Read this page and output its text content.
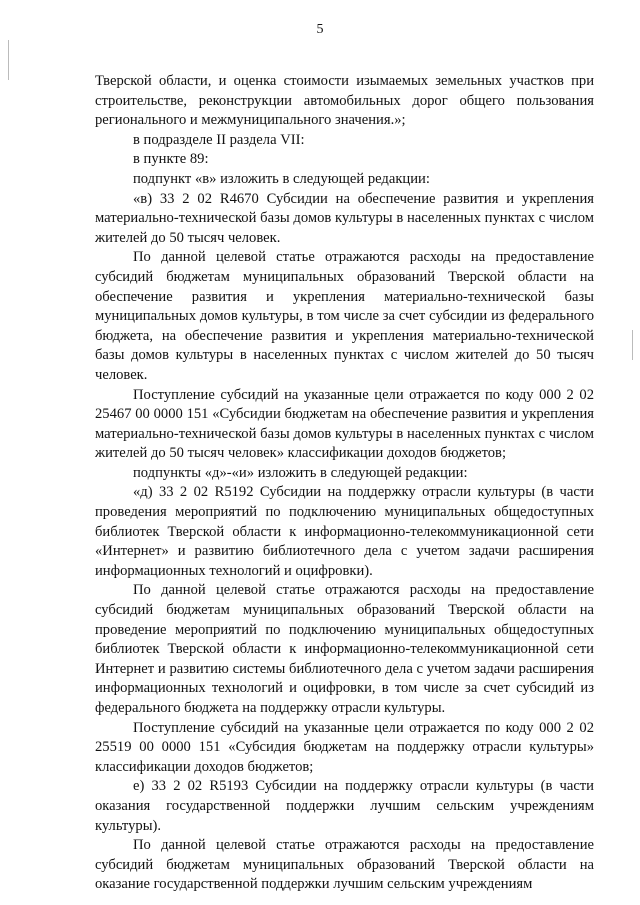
5

Тверской области, и оценка стоимости изымаемых земельных участков при строительстве, реконструкции автомобильных дорог общего пользования регионального и межмуниципального значения.»;

в подразделе II раздела VII:

в пункте 89:

подпункт «в» изложить в следующей редакции:

«в) 33 2 02 R4670 Субсидии на обеспечение развития и укрепления материально-технической базы домов культуры в населенных пунктах с числом жителей до 50 тысяч человек.

По данной целевой статье отражаются расходы на предоставление субсидий бюджетам муниципальных образований Тверской области на обеспечение развития и укрепления материально-технической базы муниципальных домов культуры, в том числе за счет субсидии из федерального бюджета, на обеспечение развития и укрепления материально-технической базы домов культуры в населенных пунктах с числом жителей до 50 тысяч человек.

Поступление субсидий на указанные цели отражается по коду 000 2 02 25467 00 0000 151 «Субсидии бюджетам на обеспечение развития и укрепления материально-технической базы домов культуры в населенных пунктах с числом жителей до 50 тысяч человек» классификации доходов бюджетов;

подпункты «д»-«и» изложить в следующей редакции:

«д) 33 2 02 R5192 Субсидии на поддержку отрасли культуры (в части проведения мероприятий по подключению муниципальных общедоступных библиотек Тверской области к информационно-телекоммуникационной сети «Интернет» и развитию библиотечного дела с учетом задачи расширения информационных технологий и оцифровки).

По данной целевой статье отражаются расходы на предоставление субсидий бюджетам муниципальных образований Тверской области на проведение мероприятий по подключению муниципальных общедоступных библиотек Тверской области к информационно-телекоммуникационной сети Интернет и развитию системы библиотечного дела с учетом задачи расширения информационных технологий и оцифровки, в том числе за счет субсидий из федерального бюджета на поддержку отрасли культуры.

Поступление субсидий на указанные цели отражается по коду 000 2 02 25519 00 0000 151 «Субсидия бюджетам на поддержку отрасли культуры» классификации доходов бюджетов;

е) 33 2 02 R5193 Субсидии на поддержку отрасли культуры (в части оказания государственной поддержки лучшим сельским учреждениям культуры).

По данной целевой статье отражаются расходы на предоставление субсидий бюджетам муниципальных образований Тверской области на оказание государственной поддержки лучшим сельским учреждениям
